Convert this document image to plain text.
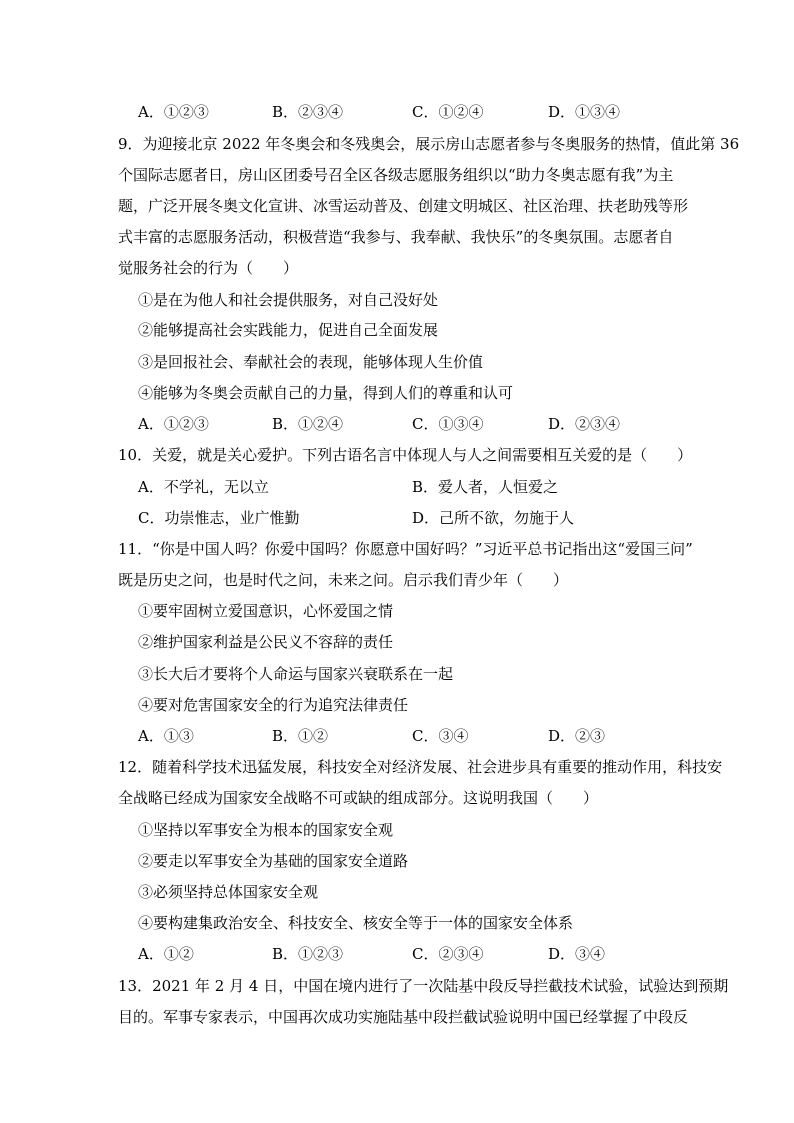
A．①②③	B．②③④	C．①②④	D．①③④
9．为迎接北京 2022 年冬奥会和冬残奥会，展示房山志愿者参与冬奥服务的热情，值此第 36
个国际志愿者日，房山区团委号召全区各级志愿服务组织以“助力冬奥志愿有我”为主
题，广泛开展冬奥文化宣讲、冰雪运动普及、创建文明城区、社区治理、扶老助残等形
式丰富的志愿服务活动，积极营造“我参与、我奉献、我快乐”的冬奥氛围。志愿者自
觉服务社会的行为（　　）
①是在为他人和社会提供服务，对自己没好处
②能够提高社会实践能力，促进自己全面发展
③是回报社会、奉献社会的表现，能够体现人生价值
④能够为冬奥会贡献自己的力量，得到人们的尊重和认可
A．①②③	B．①②④	C．①③④	D．②③④
10．关爱，就是关心爱护。下列古语名言中体现人与人之间需要相互关爱的是（　　）
A．不学礼，无以立	B．爱人者，人恒爱之
C．功崇惟志，业广惟勤	D．己所不欲，勿施于人
11．“你是中国人吗？你爱中国吗？你愿意中国好吗？”习近平总书记指出这“爱国三问”
既是历史之问，也是时代之问，未来之问。启示我们青少年（　　）
①要牢固树立爱国意识，心怀爱国之情
②维护国家利益是公民义不容辞的责任
③长大后才要将个人命运与国家兴衰联系在一起
④要对危害国家安全的行为追究法律责任
A．①③	B．①②	C．③④	D．②③
12．随着科学技术迅猛发展，科技安全对经济发展、社会进步具有重要的推动作用，科技安
全战略已经成为国家安全战略不可或缺的组成部分。这说明我国（　　）
①坚持以军事安全为根本的国家安全观
②要走以军事安全为基础的国家安全道路
③必须坚持总体国家安全观
④要构建集政治安全、科技安全、核安全等于一体的国家安全体系
A．①②	B．①②③	C．②③④	D．③④
13．2021 年 2 月 4 日，中国在境内进行了一次陆基中段反导拦截技术试验，试验达到预期
目的。军事专家表示，中国再次成功实施陆基中段拦截试验说明中国已经掌握了中段反
